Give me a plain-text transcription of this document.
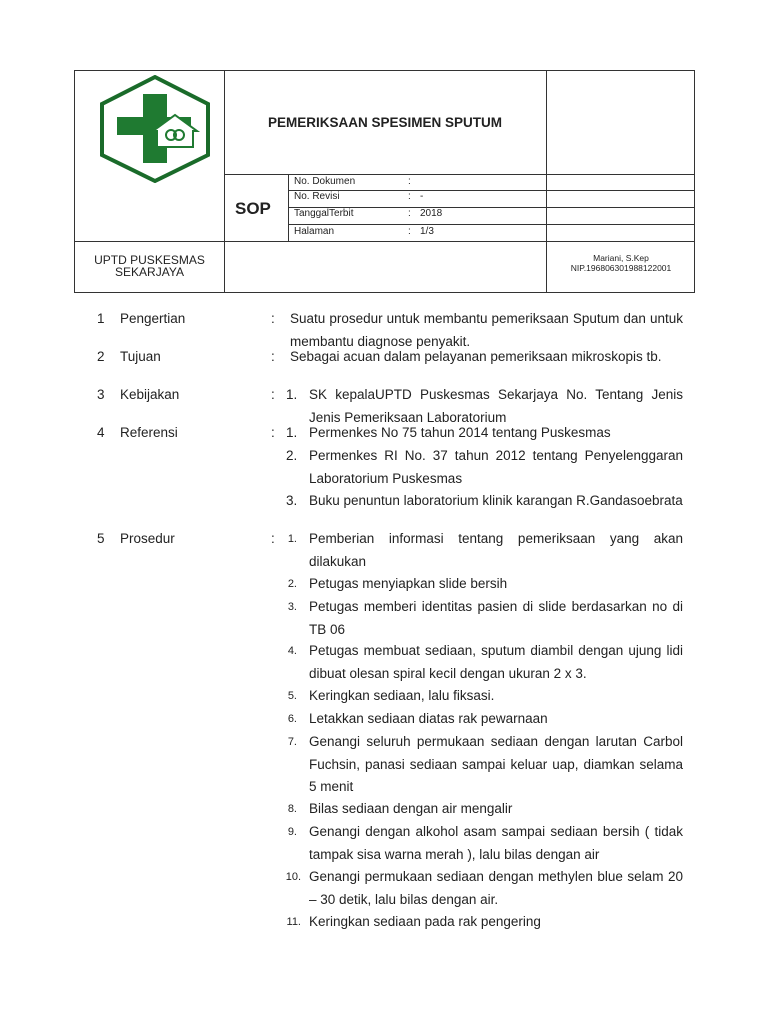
PEMERIKSAAN SPESIMEN SPUTUM
SOP
No. Dokumen	:
No. Revisi	: -
TanggalTerbit	: 2018
Halaman	: 1/3
UPTD PUSKESMAS
SEKARJAYA
Mariani, S.Kep
NIP.196806301988122001
1 Pengertian	: Suatu prosedur untuk membantu pemeriksaan Sputum dan untuk membantu diagnose penyakit.
2 Tujuan	: Sebagai acuan dalam pelayanan pemeriksaan mikroskopis tb.
3 Kebijakan	: 1. SK kepalaUPTD Puskesmas Sekarjaya No. Tentang Jenis Jenis Pemeriksaan Laboratorium
4 Referensi	: 1. Permenkes No 75 tahun 2014 tentang Puskesmas
2. Permenkes RI No. 37 tahun 2012 tentang Penyelenggaran Laboratorium Puskesmas
3. Buku penuntun laboratorium klinik karangan R.Gandasoebrata
5 Prosedur	:	1. Pemberian informasi tentang pemeriksaan yang akan dilakukan
2. Petugas menyiapkan slide bersih
3. Petugas memberi identitas pasien di slide berdasarkan no di TB 06
4. Petugas membuat sediaan, sputum diambil dengan ujung lidi dibuat olesan spiral kecil dengan ukuran 2 x 3.
5. Keringkan sediaan, lalu fiksasi.
6. Letakkan sediaan diatas rak pewarnaan
7. Genangi seluruh permukaan sediaan dengan larutan Carbol Fuchsin, panasi sediaan sampai keluar uap, diamkan selama 5 menit
8. Bilas sediaan dengan air mengalir
9. Genangi dengan alkohol asam sampai sediaan bersih ( tidak tampak sisa warna merah ), lalu bilas dengan air
10. Genangi permukaan sediaan dengan methylen blue selam 20 – 30 detik, lalu bilas dengan air.
11. Keringkan sediaan pada rak pengering
